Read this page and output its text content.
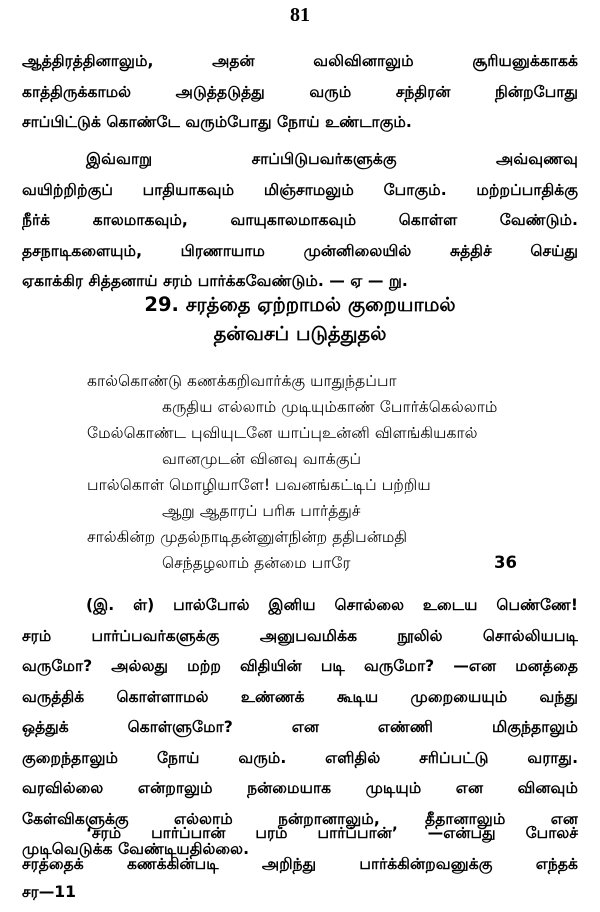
81
ஆத்திரத்தினாலும், அதன் வலிவினாலும் சூரியனுக்காகக்
காத்திருக்காமல் அடுத்தடுத்து வரும் சந்திரன் நின்றபோது
சாப்பிட்டுக் கொண்டே வரும்போது நோய் உண்டாகும்.
இவ்வாறு சாப்பிடுபவர்களுக்கு அவ்வுணவு
வயிற்றிற்குப் பாதியாகவும் மிஞ்சாமலும் போகும். மற்றப்பாதிக்கு
நீர்க் காலமாகவும், வாயுகாலமாகவும் கொள்ள வேண்டும்.
தசநாடிகளையும், பிரணாயாம முன்னிலையில் சுத்திச் செய்து
ஏகாக்கிர சித்தனாய் சரம் பார்க்கவேண்டும். — ஏ — று.
29. சரத்தை ஏற்றாமல் குறையாமல்
தன்வசப் படுத்துதல்
கால்கொண்டு கணக்கறிவார்க்கு யாதுந்தப்பா
கருதிய எல்லாம் முடியும்காண் போர்க்கெல்லாம்
மேல்கொண்ட புவியுடனே யாப்புஉன்னி விளங்கியகால்
வானமுடன் வினவு வாக்குப்
பால்கொள் மொழியாளே! பவனங்கட்டிப் பற்றிய
ஆறு ஆதாரப் பரிசு பார்த்துச்
சால்கின்ற முதல்நாடிதன்னுள்நின்ற ததிபன்மதி
செந்தழலாம் தன்மை பாரே	36
(இ. ள்) பால்போல் இனிய சொல்லை உடைய பெண்ணே!
சரம் பார்ப்பவர்களுக்கு அனுபவமிக்க நூலில் சொல்லியபடி
வருமோ? அல்லது மற்ற விதியின் படி வருமோ? —என மனத்தை
வருத்திக் கொள்ளாமல் உண்ணக் கூடிய முறையையும் வந்து
ஒத்துக் கொள்ளுமோ? என எண்ணி மிகுந்தாலும்
குறைந்தாலும் நோய் வரும். எளிதில் சரிப்பட்டு வராது.
வரவில்லை என்றாலும் நன்மையாக முடியும் என வினவும்
கேள்விகளுக்கு எல்லாம் நன்றானாலும், தீதானாலும் என
முடிவெடுக்க வேண்டியதில்லை.
‘சரம் பார்ப்பான் பரம் பார்ப்பான்’ —என்பது போலச்
சரத்தைக் கணக்கின்படி அறிந்து பார்க்கின்றவனுக்கு எந்தக்
சர—11
